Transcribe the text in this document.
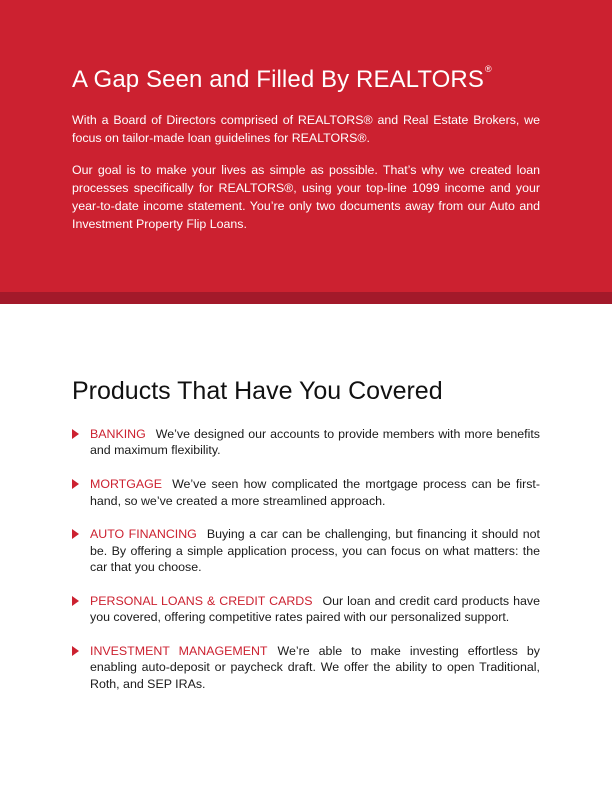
A Gap Seen and Filled By REALTORS®

With a Board of Directors comprised of REALTORS® and Real Estate Brokers, we focus on tailor-made loan guidelines for REALTORS®.

Our goal is to make your lives as simple as possible. That’s why we created loan processes specifically for REALTORS®, using your top-line 1099 income and your year-to-date income statement. You’re only two documents away from our Auto and Investment Property Flip Loans.

Products That Have You Covered
BANKING We’ve designed our accounts to provide members with more benefits and maximum flexibility.
MORTGAGE We’ve seen how complicated the mortgage process can be first-hand, so we’ve created a more streamlined approach.
AUTO FINANCING Buying a car can be challenging, but financing it should not be. By offering a simple application process, you can focus on what matters: the car that you choose.
PERSONAL LOANS & CREDIT CARDS Our loan and credit card products have you covered, offering competitive rates paired with our personalized support.
INVESTMENT MANAGEMENT We’re able to make investing effortless by enabling auto-deposit or paycheck draft. We offer the ability to open Traditional, Roth, and SEP IRAs.
